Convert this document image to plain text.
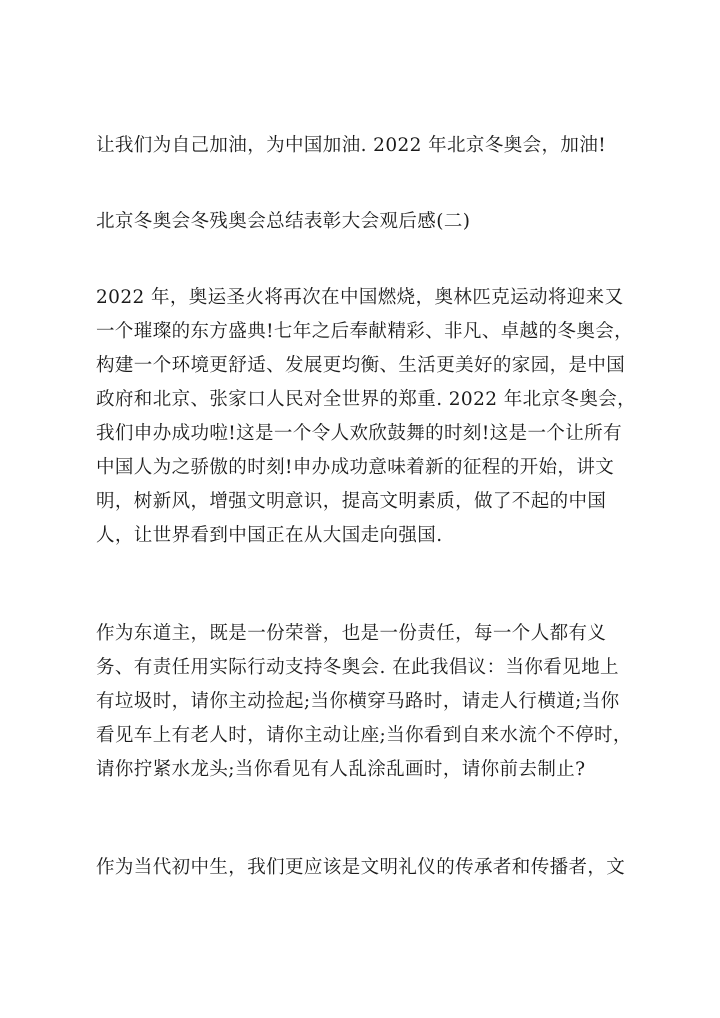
让我们为自己加油，为中国加油. 2022 年北京冬奥会，加油!
北京冬奥会冬残奥会总结表彰大会观后感(二)
2022 年，奥运圣火将再次在中国燃烧，奥林匹克运动将迎来又
一个璀璨的东方盛典!七年之后奉献精彩、非凡、卓越的冬奥会，
构建一个环境更舒适、发展更均衡、生活更美好的家园，是中国
政府和北京、张家口人民对全世界的郑重. 2022 年北京冬奥会，
我们申办成功啦!这是一个令人欢欣鼓舞的时刻!这是一个让所有
中国人为之骄傲的时刻!申办成功意味着新的征程的开始，讲文
明，树新风，增强文明意识，提高文明素质，做了不起的中国
人，让世界看到中国正在从大国走向强国.
作为东道主，既是一份荣誉，也是一份责任，每一个人都有义
务、有责任用实际行动支持冬奥会. 在此我倡议：当你看见地上
有垃圾时，请你主动捡起;当你横穿马路时，请走人行横道;当你
看见车上有老人时，请你主动让座;当你看到自来水流个不停时，
请你拧紧水龙头;当你看见有人乱涂乱画时，请你前去制止?
作为当代初中生，我们更应该是文明礼仪的传承者和传播者，文
